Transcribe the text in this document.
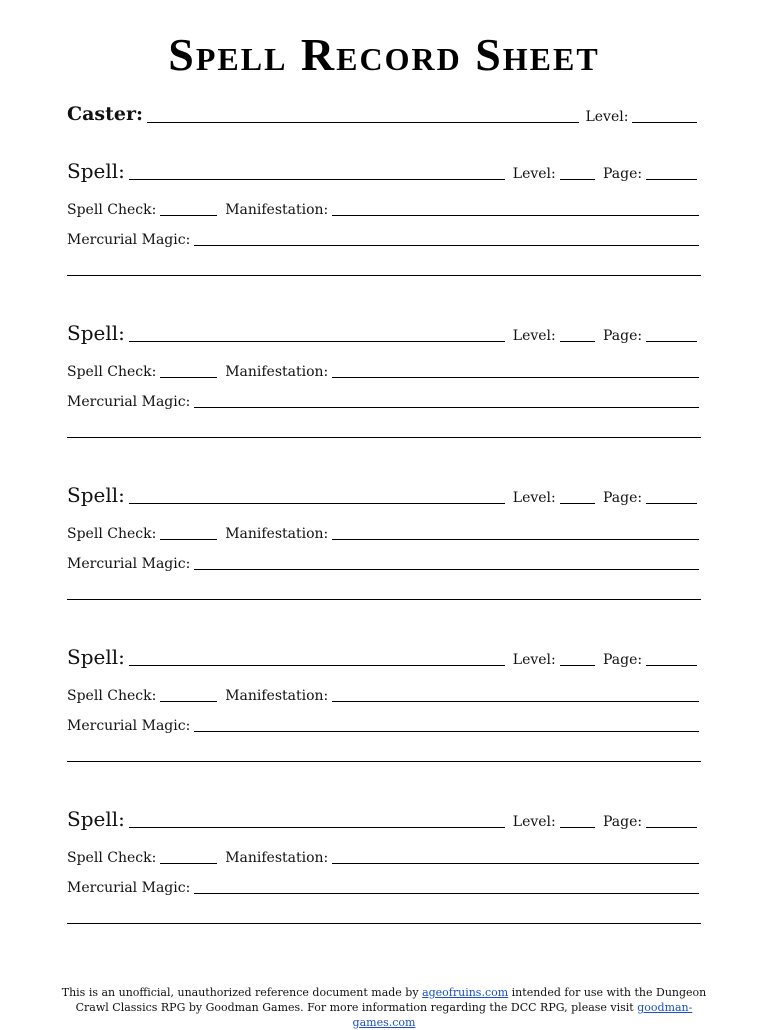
Spell Record Sheet
Caster:	Level:
Spell:	Level:	Page:
Spell Check:	Manifestation:
Mercurial Magic:
Spell:	Level:	Page:
Spell Check:	Manifestation:
Mercurial Magic:
Spell:	Level:	Page:
Spell Check:	Manifestation:
Mercurial Magic:
Spell:	Level:	Page:
Spell Check:	Manifestation:
Mercurial Magic:
Spell:	Level:	Page:
Spell Check:	Manifestation:
Mercurial Magic:
This is an unofficial, unauthorized reference document made by ageofruins.com intended for use with the Dungeon Crawl Classics RPG by Goodman Games. For more information regarding the DCC RPG, please visit goodman-games.com
